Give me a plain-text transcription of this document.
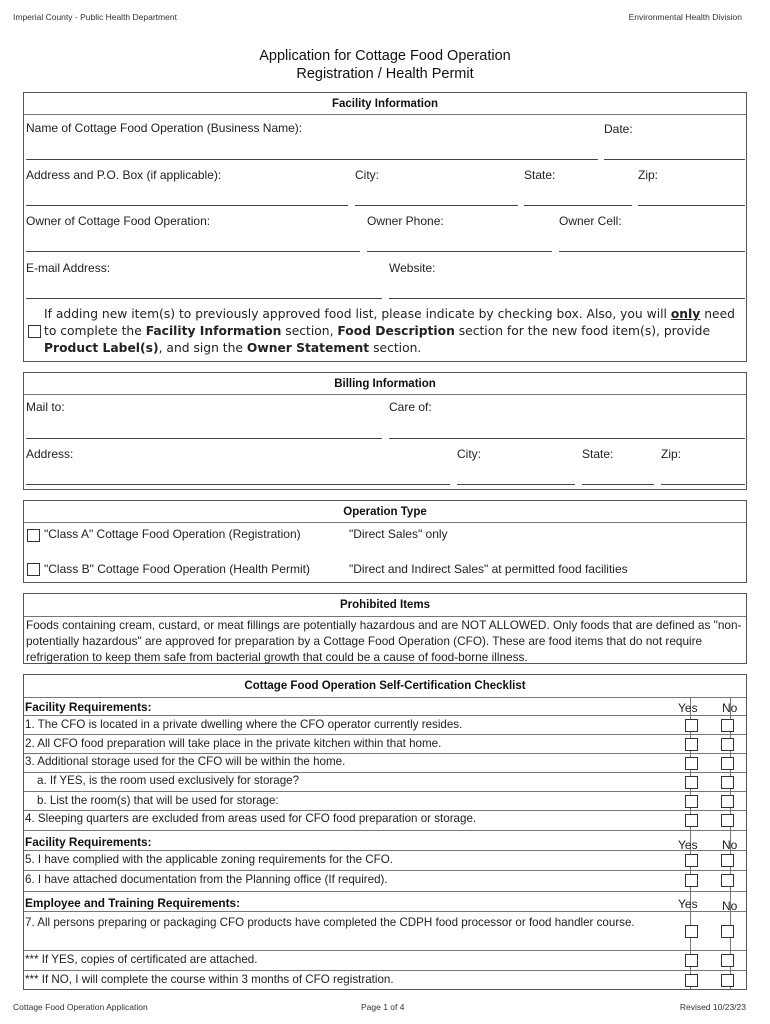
Imperial County - Public Health Department	Environmental Health Division
Application for Cottage Food Operation
Registration / Health Permit
Facility Information
Name of Cottage Food Operation (Business Name):	Date:
Address and P.O. Box (if applicable):	City:	State:	Zip:
Owner of Cottage Food Operation:	Owner Phone:	Owner Cell:
E-mail Address:	Website:
If adding new item(s) to previously approved food list, please indicate by checking box. Also, you will only need to complete the Facility Information section, Food Description section for the new food item(s), provide Product Label(s), and sign the Owner Statement section.
Billing Information
Mail to:	Care of:
Address:	City:	State:	Zip:
Operation Type
"Class A" Cottage Food Operation (Registration)	"Direct Sales" only
"Class B" Cottage Food Operation (Health Permit)	"Direct and Indirect Sales" at permitted food facilities
Prohibited Items
Foods containing cream, custard, or meat fillings are potentially hazardous and are NOT ALLOWED. Only foods that are defined as "non-potentially hazardous" are approved for preparation by a Cottage Food Operation (CFO). These are food items that do not require refrigeration to keep them safe from bacterial growth that could be a cause of food-borne illness.
Cottage Food Operation Self-Certification Checklist
Facility Requirements:	Yes No
1. The CFO is located in a private dwelling where the CFO operator currently resides.
2. All CFO food preparation will take place in the private kitchen within that home.
3. Additional storage used for the CFO will be within the home.
a. If YES, is the room used exclusively for storage?
b. List the room(s) that will be used for storage:
4. Sleeping quarters are excluded from areas used for CFO food preparation or storage.
Facility Requirements:	Yes No
5. I have complied with the applicable zoning requirements for the CFO.
6. I have attached documentation from the Planning office (If required).
Employee and Training Requirements:	Yes No
7. All persons preparing or packaging CFO products have completed the CDPH food processor or food handler course.
*** If YES, copies of certificated are attached.
*** If NO, I will complete the course within 3 months of CFO registration.
Cottage Food Operation Application	Page 1 of 4	Revised 10/23/23
